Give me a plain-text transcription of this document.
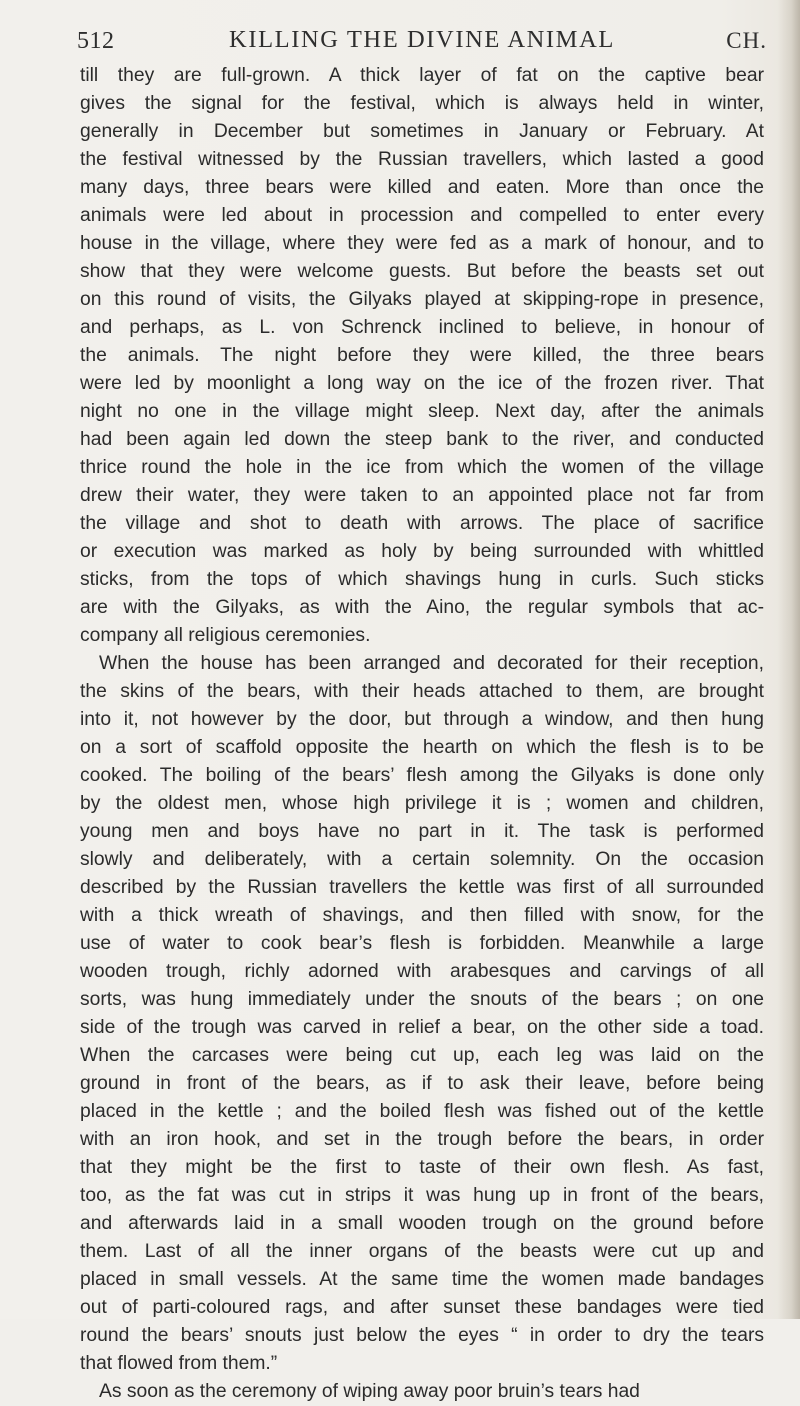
512	KILLING THE DIVINE ANIMAL	CH.
till they are full-grown. A thick layer of fat on the captive bear
gives the signal for the festival, which is always held in winter,
generally in December but sometimes in January or February. At
the festival witnessed by the Russian travellers, which lasted a good
many days, three bears were killed and eaten. More than once the
animals were led about in procession and compelled to enter every
house in the village, where they were fed as a mark of honour, and to
show that they were welcome guests. But before the beasts set out
on this round of visits, the Gilyaks played at skipping-rope in presence,
and perhaps, as L. von Schrenck inclined to believe, in honour of
the animals. The night before they were killed, the three bears
were led by moonlight a long way on the ice of the frozen river. That
night no one in the village might sleep. Next day, after the animals
had been again led down the steep bank to the river, and conducted
thrice round the hole in the ice from which the women of the village
drew their water, they were taken to an appointed place not far from
the village and shot to death with arrows. The place of sacrifice
or execution was marked as holy by being surrounded with whittled
sticks, from the tops of which shavings hung in curls. Such sticks
are with the Gilyaks, as with the Aino, the regular symbols that ac-
company all religious ceremonies.
When the house has been arranged and decorated for their reception,
the skins of the bears, with their heads attached to them, are brought
into it, not however by the door, but through a window, and then hung
on a sort of scaffold opposite the hearth on which the flesh is to be
cooked. The boiling of the bears’ flesh among the Gilyaks is done only
by the oldest men, whose high privilege it is ; women and children,
young men and boys have no part in it. The task is performed
slowly and deliberately, with a certain solemnity. On the occasion
described by the Russian travellers the kettle was first of all surrounded
with a thick wreath of shavings, and then filled with snow, for the
use of water to cook bear’s flesh is forbidden. Meanwhile a large
wooden trough, richly adorned with arabesques and carvings of all
sorts, was hung immediately under the snouts of the bears ; on one
side of the trough was carved in relief a bear, on the other side a toad.
When the carcases were being cut up, each leg was laid on the
ground in front of the bears, as if to ask their leave, before being
placed in the kettle ; and the boiled flesh was fished out of the kettle
with an iron hook, and set in the trough before the bears, in order
that they might be the first to taste of their own flesh. As fast,
too, as the fat was cut in strips it was hung up in front of the bears,
and afterwards laid in a small wooden trough on the ground before
them. Last of all the inner organs of the beasts were cut up and
placed in small vessels. At the same time the women made bandages
out of parti-coloured rags, and after sunset these bandages were tied
round the bears’ snouts just below the eyes “ in order to dry the tears
that flowed from them.”
As soon as the ceremony of wiping away poor bruin’s tears had
